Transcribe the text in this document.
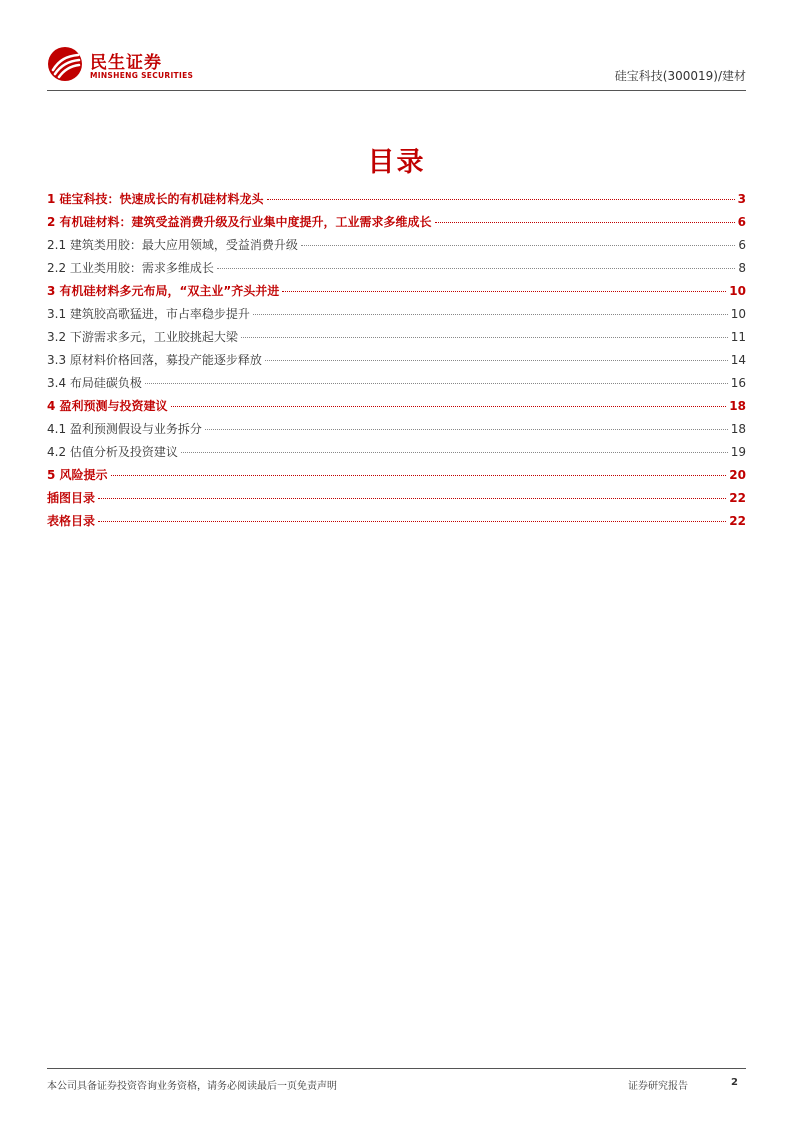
民生证券
MINSHENG SECURITIES	硅宝科技(300019)/建材
目录
1 硅宝科技：快速成长的有机硅材料龙头	3
2 有机硅材料：建筑受益消费升级及行业集中度提升，工业需求多维成长	6
2.1 建筑类用胶：最大应用领域，受益消费升级	6
2.2 工业类用胶：需求多维成长	8
3 有机硅材料多元布局，“双主业”齐头并进	10
3.1 建筑胶高歌猛进，市占率稳步提升	10
3.2 下游需求多元，工业胶挑起大梁	11
3.3 原材料价格回落，募投产能逐步释放	14
3.4 布局硅碳负极	16
4 盈利预测与投资建议	18
4.1 盈利预测假设与业务拆分	18
4.2 估值分析及投资建议	19
5 风险提示	20
插图目录	22
表格目录	22
本公司具备证券投资咨询业务资格，请务必阅读最后一页免责声明	证券研究报告	2
